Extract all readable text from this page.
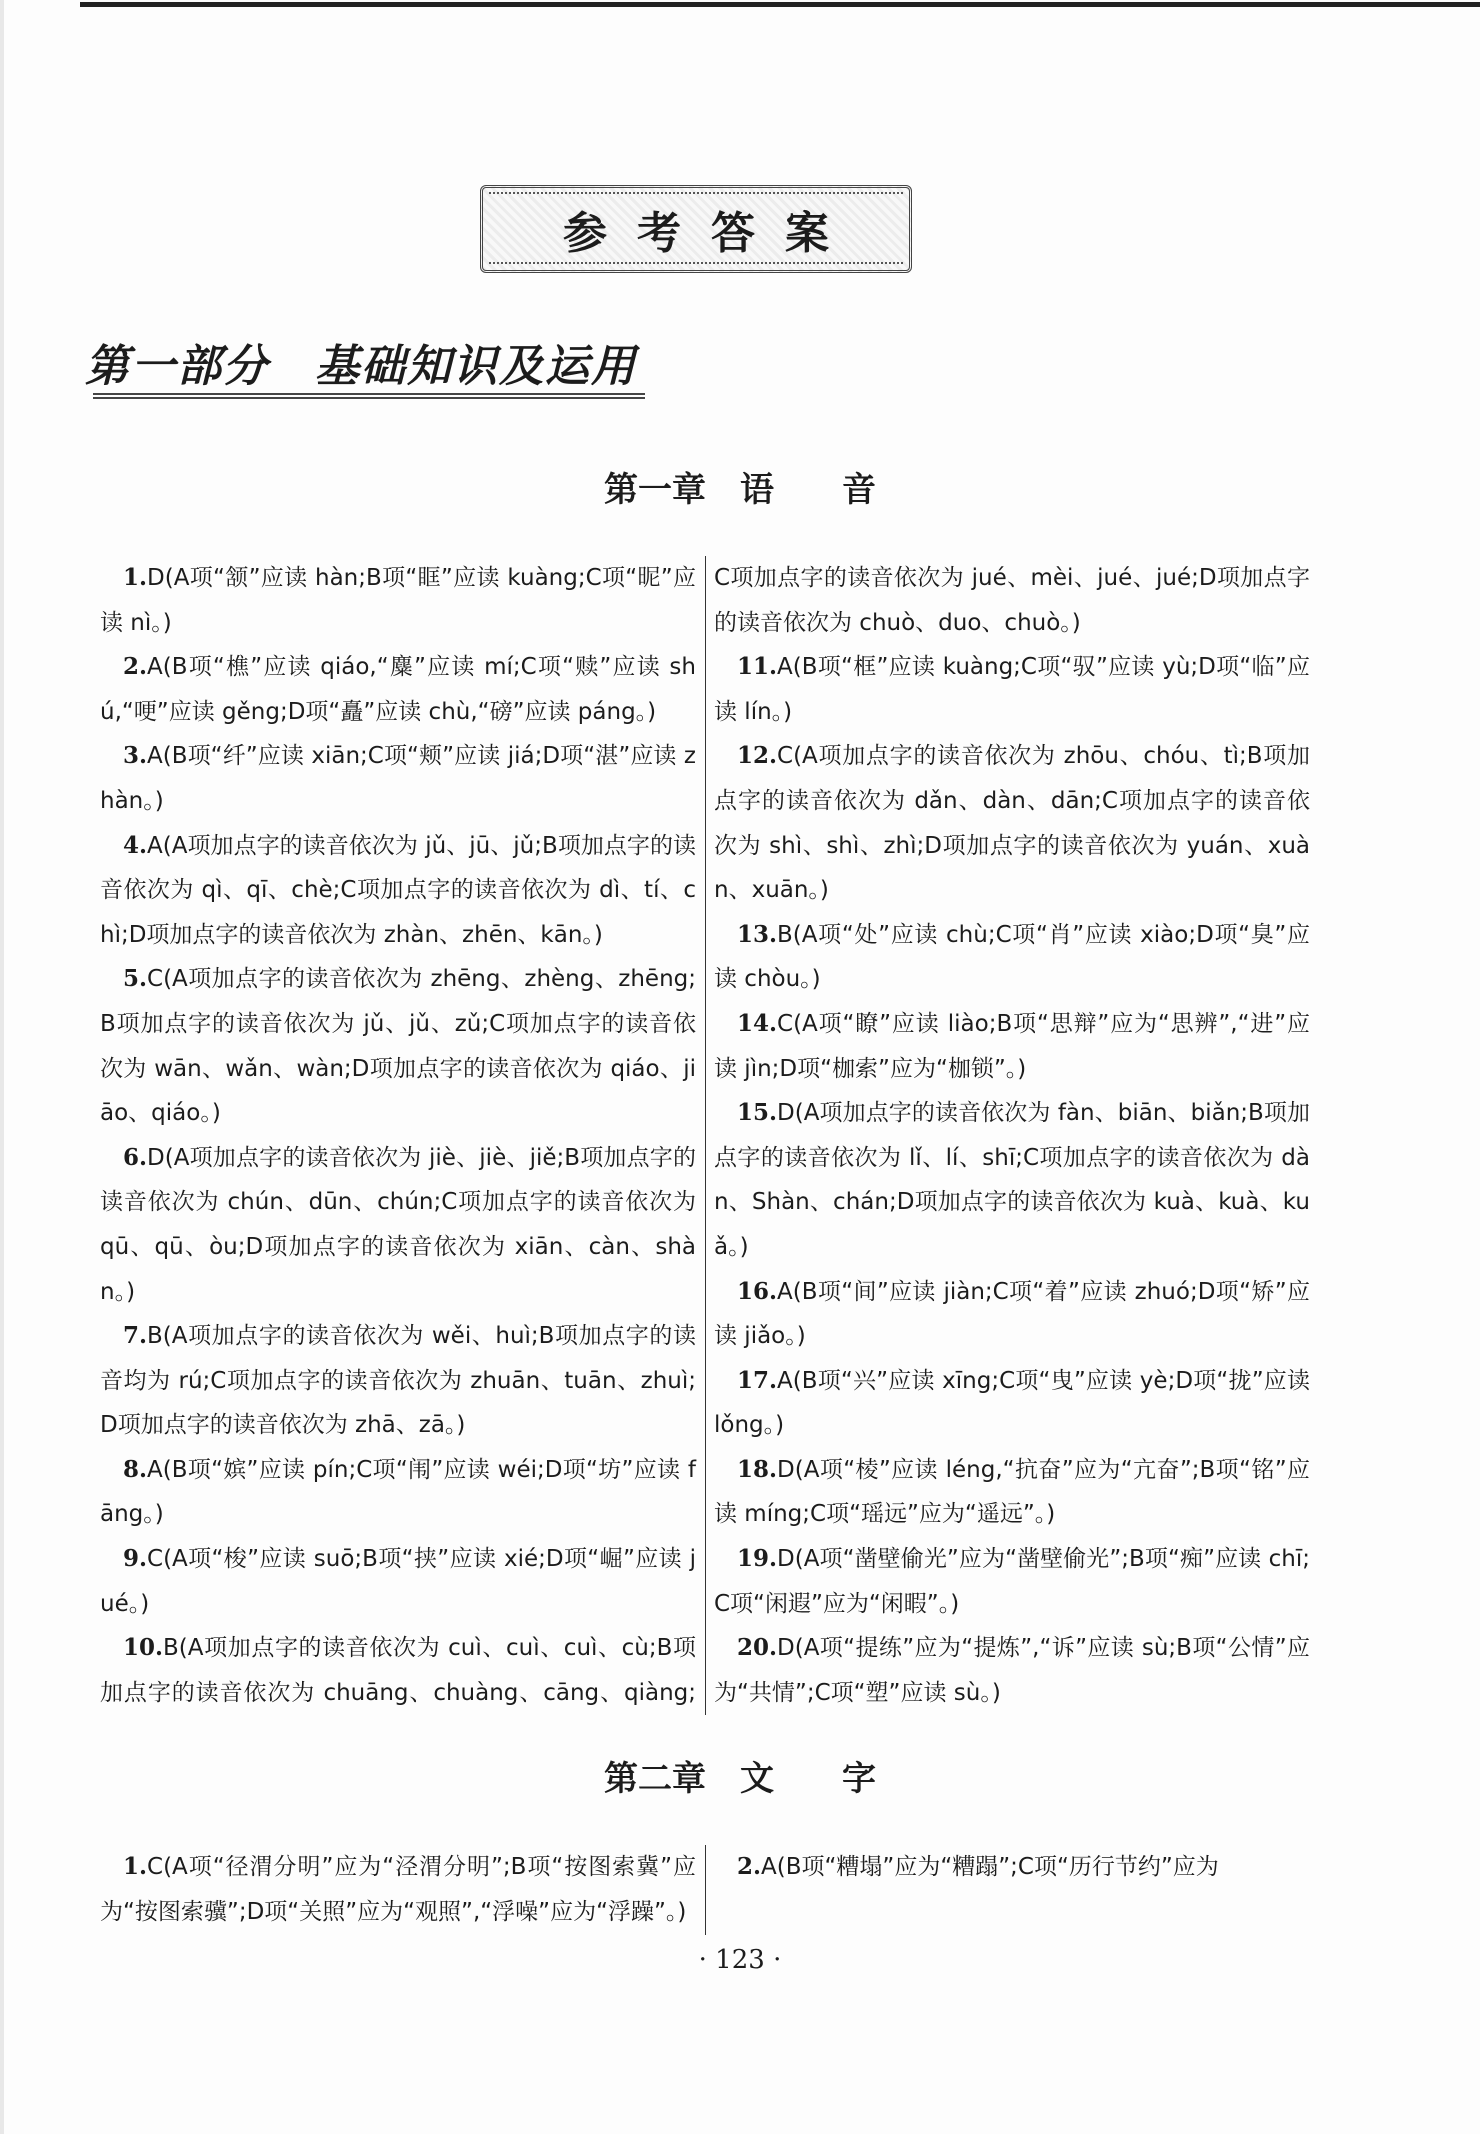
参考答案
第一部分　基础知识及运用
第一章　语　　音

1.D(A项“颔”应读 hàn;B项“眶”应读 kuàng;C项“昵”应读 nì。)

2.A(B项“樵”应读 qiáo,“麋”应读 mí;C项“赎”应读 shú,“哽”应读 gěng;D项“矗”应读 chù,“磅”应读 páng。)

3.A(B项“纤”应读 xiān;C项“颊”应读 jiá;D项“湛”应读 zhàn。)

4.A(A项加点字的读音依次为 jǔ、jū、jǔ;B项加点字的读音依次为 qì、qī、chè;C项加点字的读音依次为 dì、tí、chì;D项加点字的读音依次为 zhàn、zhēn、kān。)

5.C(A项加点字的读音依次为 zhēng、zhèng、zhēng;B项加点字的读音依次为 jǔ、jǔ、zǔ;C项加点字的读音依次为 wān、wǎn、wàn;D项加点字的读音依次为 qiáo、jiāo、qiáo。)

6.D(A项加点字的读音依次为 jiè、jiè、jiě;B项加点字的读音依次为 chún、dūn、chún;C项加点字的读音依次为 qū、qū、òu;D项加点字的读音依次为 xiān、càn、shàn。)

7.B(A项加点字的读音依次为 wěi、huì;B项加点字的读音均为 rú;C项加点字的读音依次为 zhuān、tuān、zhuì;D项加点字的读音依次为 zhā、zā。)

8.A(B项“嫔”应读 pín;C项“闱”应读 wéi;D项“坊”应读 fāng。)

9.C(A项“梭”应读 suō;B项“挟”应读 xié;D项“崛”应读 jué。)

10.B(A项加点字的读音依次为 cuì、cuì、cuì、cù;B项加点字的读音依次为 chuāng、chuàng、cāng、qiàng;C项加点字的读音依次为 jué、mèi、jué、jué;D项加点字的读音依次为 chuò、duo、chuò。)

11.A(B项“框”应读 kuàng;C项“驭”应读 yù;D项“临”应读 lín。)

12.C(A项加点字的读音依次为 zhōu、chóu、tì;B项加点字的读音依次为 dǎn、dàn、dān;C项加点字的读音依次为 shì、shì、zhì;D项加点字的读音依次为 yuán、xuàn、xuān。)

13.B(A项“处”应读 chù;C项“肖”应读 xiào;D项“臭”应读 chòu。)

14.C(A项“瞭”应读 liào;B项“思辩”应为“思辨”,“进”应读 jìn;D项“枷索”应为“枷锁”。)

15.D(A项加点字的读音依次为 fàn、biān、biǎn;B项加点字的读音依次为 lǐ、lí、shī;C项加点字的读音依次为 dàn、Shàn、chán;D项加点字的读音依次为 kuà、kuà、kuǎ。)

16.A(B项“间”应读 jiàn;C项“着”应读 zhuó;D项“矫”应读 jiǎo。)

17.A(B项“兴”应读 xīng;C项“曳”应读 yè;D项“拢”应读 lǒng。)

18.D(A项“棱”应读 léng,“抗奋”应为“亢奋”;B项“铭”应读 míng;C项“瑶远”应为“遥远”。)

19.D(A项“凿壁偷光”应为“凿壁偷光”;B项“痴”应读 chī;C项“闲遐”应为“闲暇”。)

20.D(A项“提练”应为“提炼”,“诉”应读 sù;B项“公情”应为“共情”;C项“塑”应读 sù。)

第二章　文　　字

1.C(A项“径渭分明”应为“泾渭分明”;B项“按图索冀”应为“按图索骥”;D项“关照”应为“观照”,“浮噪”应为“浮躁”。)

2.A(B项“糟塌”应为“糟蹋”;C项“历行节约”应为

· 123 ·
